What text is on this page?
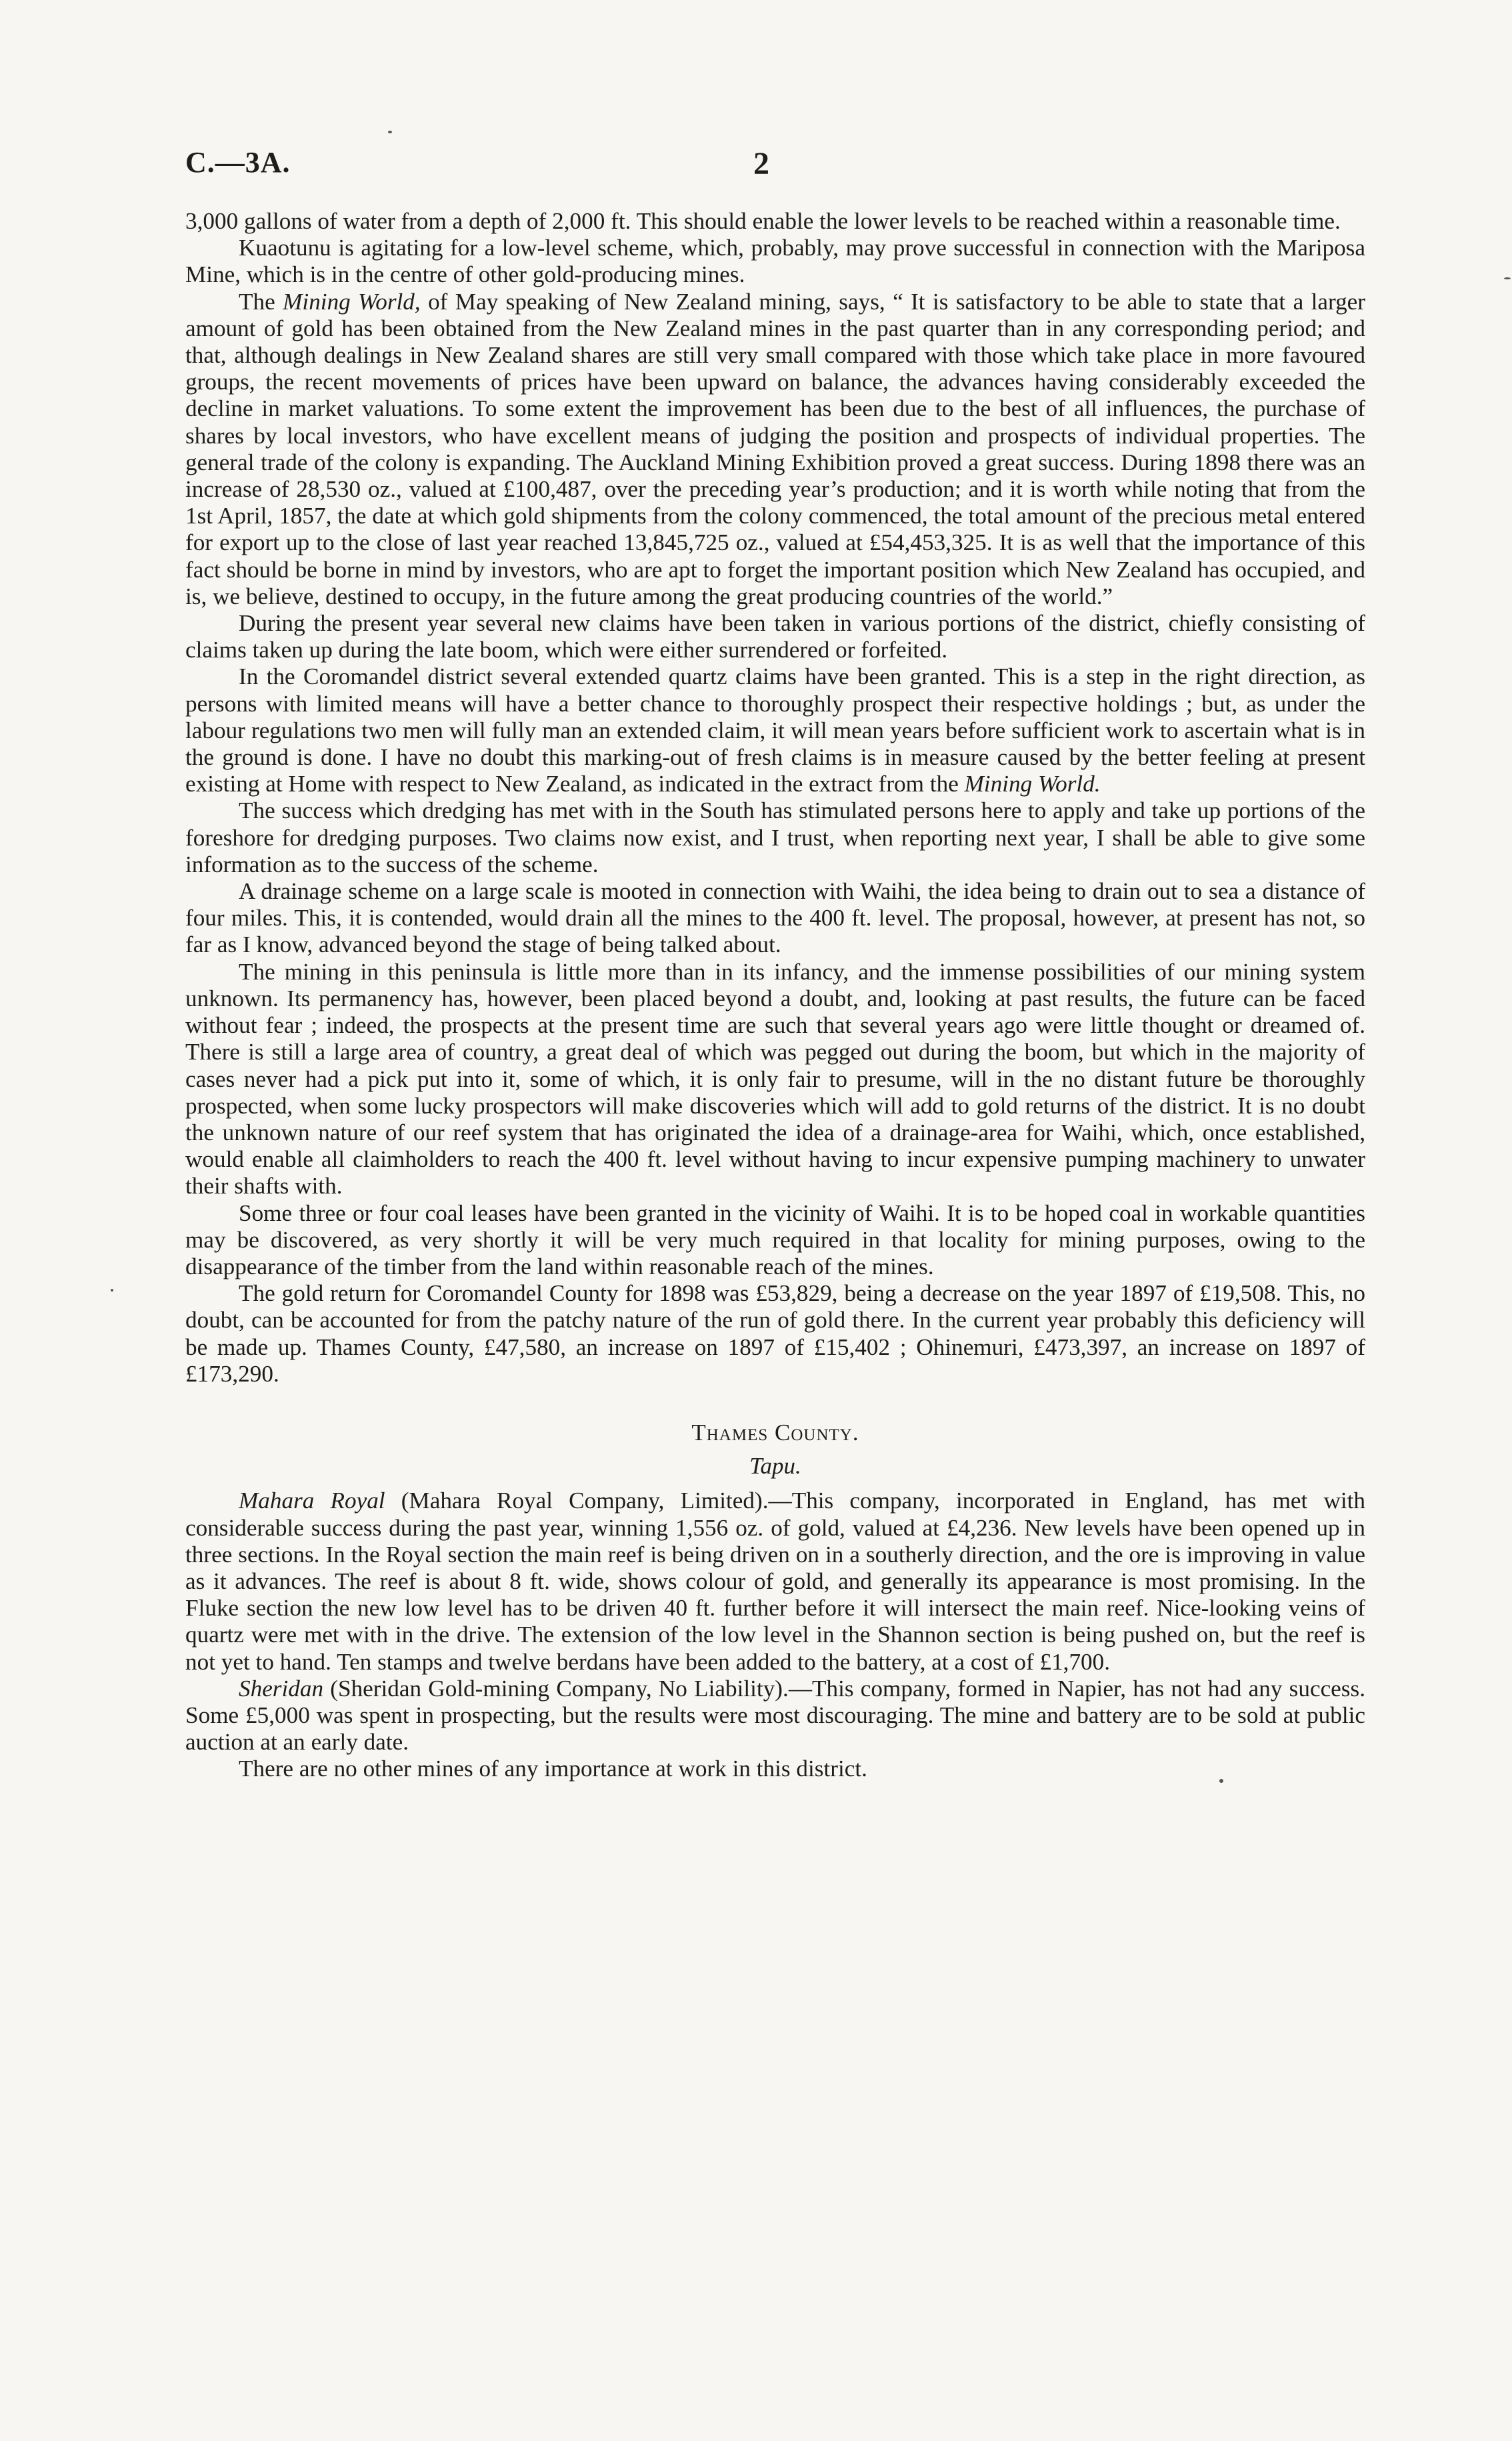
C.—3A.	2

3,000 gallons of water from a depth of 2,000 ft. This should enable the lower levels to be reached within a reasonable time.

Kuaotunu is agitating for a low-level scheme, which, probably, may prove successful in connection with the Mariposa Mine, which is in the centre of other gold-producing mines.

The Mining World, of May speaking of New Zealand mining, says, “ It is satisfactory to be able to state that a larger amount of gold has been obtained from the New Zealand mines in the past quarter than in any corresponding period; and that, although dealings in New Zealand shares are still very small compared with those which take place in more favoured groups, the recent movements of prices have been upward on balance, the advances having considerably exceeded the decline in market valuations. To some extent the improvement has been due to the best of all influences, the purchase of shares by local investors, who have excellent means of judging the position and prospects of individual properties. The general trade of the colony is expanding. The Auckland Mining Exhibition proved a great success. During 1898 there was an increase of 28,530 oz., valued at £100,487, over the preceding year’s production; and it is worth while noting that from the 1st April, 1857, the date at which gold shipments from the colony commenced, the total amount of the precious metal entered for export up to the close of last year reached 13,845,725 oz., valued at £54,453,325. It is as well that the importance of this fact should be borne in mind by investors, who are apt to forget the important position which New Zealand has occupied, and is, we believe, destined to occupy, in the future among the great producing countries of the world.”

During the present year several new claims have been taken in various portions of the district, chiefly consisting of claims taken up during the late boom, which were either surrendered or forfeited.

In the Coromandel district several extended quartz claims have been granted. This is a step in the right direction, as persons with limited means will have a better chance to thoroughly prospect their respective holdings ; but, as under the labour regulations two men will fully man an extended claim, it will mean years before sufficient work to ascertain what is in the ground is done. I have no doubt this marking-out of fresh claims is in measure caused by the better feeling at present existing at Home with respect to New Zealand, as indicated in the extract from the Mining World.

The success which dredging has met with in the South has stimulated persons here to apply and take up portions of the foreshore for dredging purposes. Two claims now exist, and I trust, when reporting next year, I shall be able to give some information as to the success of the scheme.

A drainage scheme on a large scale is mooted in connection with Waihi, the idea being to drain out to sea a distance of four miles. This, it is contended, would drain all the mines to the 400 ft. level. The proposal, however, at present has not, so far as I know, advanced beyond the stage of being talked about.

The mining in this peninsula is little more than in its infancy, and the immense possibilities of our mining system unknown. Its permanency has, however, been placed beyond a doubt, and, looking at past results, the future can be faced without fear ; indeed, the prospects at the present time are such that several years ago were little thought or dreamed of. There is still a large area of country, a great deal of which was pegged out during the boom, but which in the majority of cases never had a pick put into it, some of which, it is only fair to presume, will in the no distant future be thoroughly prospected, when some lucky prospectors will make discoveries which will add to gold returns of the district. It is no doubt the unknown nature of our reef system that has originated the idea of a drainage-area for Waihi, which, once established, would enable all claimholders to reach the 400 ft. level without having to incur expensive pumping machinery to unwater their shafts with.

Some three or four coal leases have been granted in the vicinity of Waihi. It is to be hoped coal in workable quantities may be discovered, as very shortly it will be very much required in that locality for mining purposes, owing to the disappearance of the timber from the land within reasonable reach of the mines.

The gold return for Coromandel County for 1898 was £53,829, being a decrease on the year 1897 of £19,508. This, no doubt, can be accounted for from the patchy nature of the run of gold there. In the current year probably this deficiency will be made up. Thames County, £47,580, an increase on 1897 of £15,402 ; Ohinemuri, £473,397, an increase on 1897 of £173,290.

Thames County.
Tapu.

Mahara Royal (Mahara Royal Company, Limited).—This company, incorporated in England, has met with considerable success during the past year, winning 1,556 oz. of gold, valued at £4,236. New levels have been opened up in three sections. In the Royal section the main reef is being driven on in a southerly direction, and the ore is improving in value as it advances. The reef is about 8 ft. wide, shows colour of gold, and generally its appearance is most promising. In the Fluke section the new low level has to be driven 40 ft. further before it will intersect the main reef. Nice-looking veins of quartz were met with in the drive. The extension of the low level in the Shannon section is being pushed on, but the reef is not yet to hand. Ten stamps and twelve berdans have been added to the battery, at a cost of £1,700.

Sheridan (Sheridan Gold-mining Company, No Liability).—This company, formed in Napier, has not had any success. Some £5,000 was spent in prospecting, but the results were most discouraging. The mine and battery are to be sold at public auction at an early date.

There are no other mines of any importance at work in this district.
